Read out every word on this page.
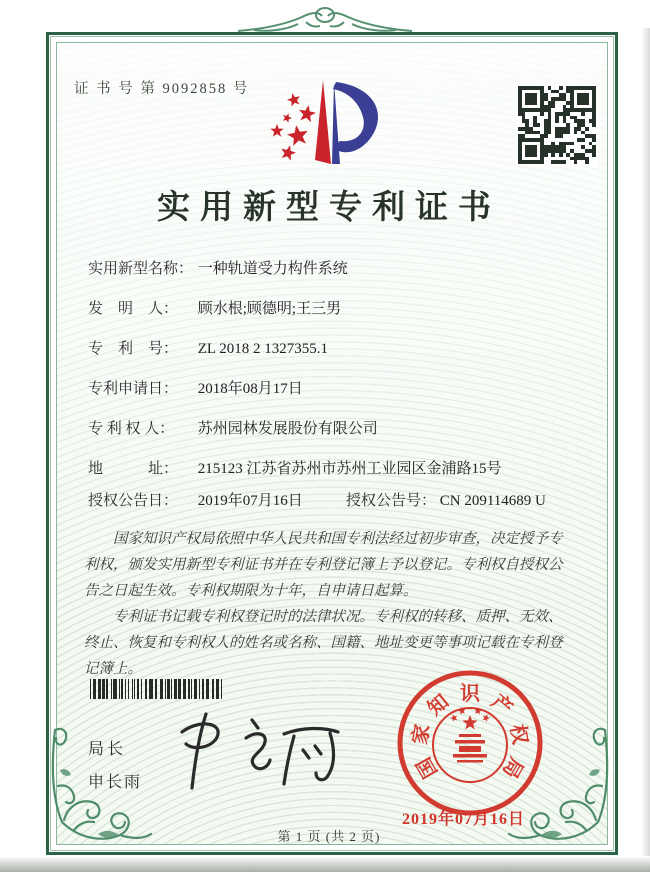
证 书 号 第 9092858 号
实用新型专利证书
实用新型名称： 一种轨道受力构件系统
发　明　人： 顾水根;顾德明;王三男
专　利　号： ZL 2018 2 1327355.1
专利申请日： 2018年08月17日
专 利 权 人： 苏州园林发展股份有限公司
地　　　址： 215123 江苏省苏州市苏州工业园区金浦路15号
授权公告日： 2019年07月16日	授权公告号： CN 209114689 U

国家知识产权局依照中华人民共和国专利法经过初步审查，决定授予专利权，颁发实用新型专利证书并在专利登记簿上予以登记。专利权自授权公告之日起生效。专利权期限为十年，自申请日起算。

专利证书记载专利权登记时的法律状况。专利权的转移、质押、无效、终止、恢复和专利权人的姓名或名称、国籍、地址变更等事项记载在专利登记簿上。

局长
申长雨
国
家
知 识 产
权
局
2019年07月16日
第 1 页 (共 2 页)
